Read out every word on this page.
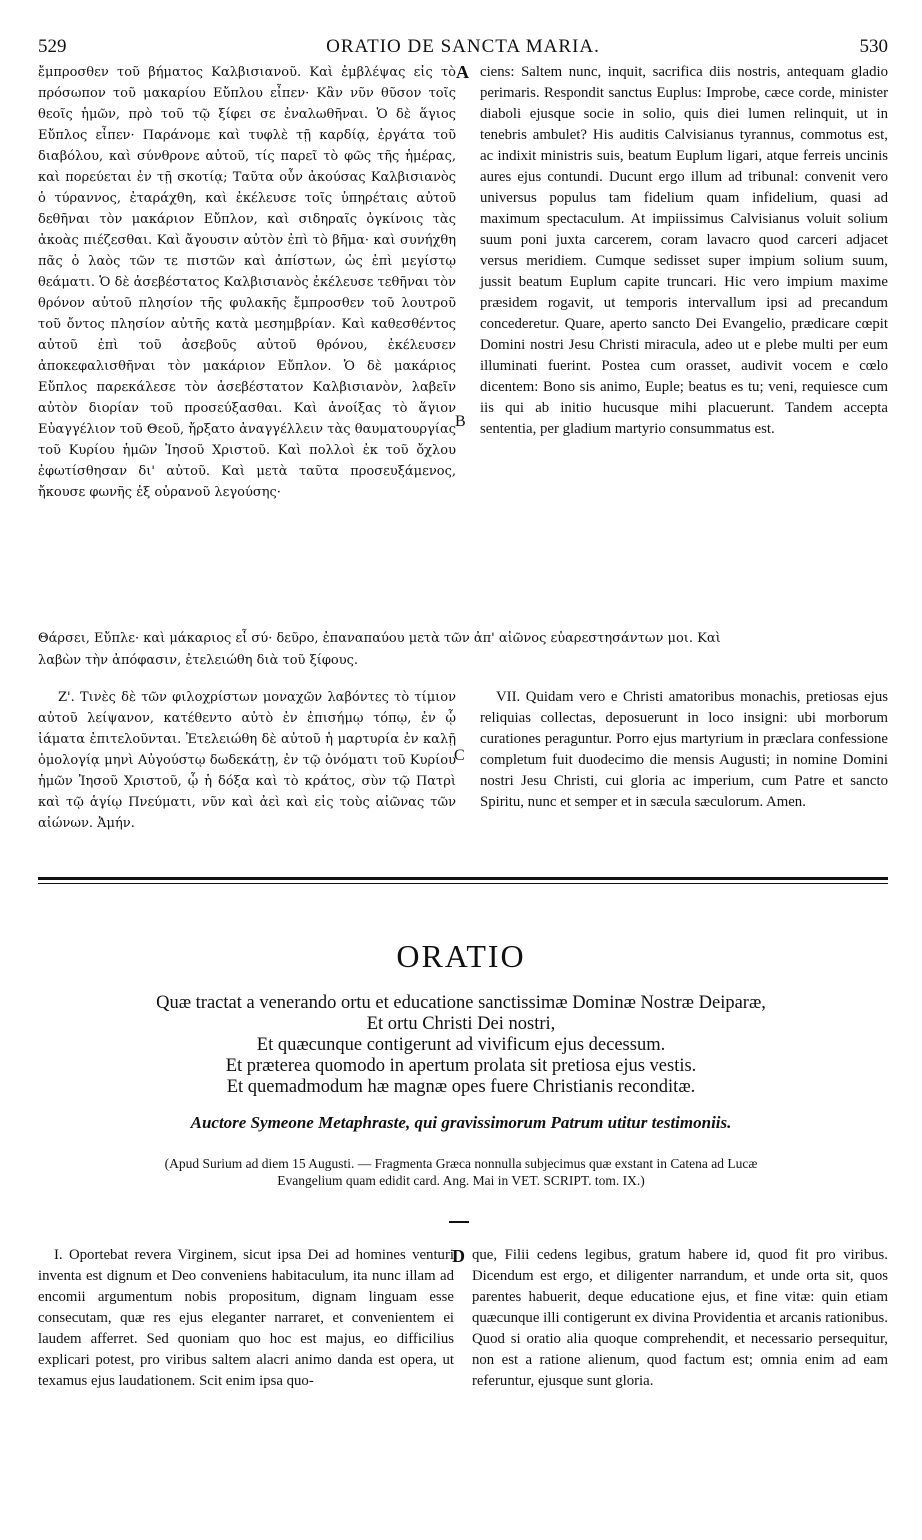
529	ORATIO DE SANCTA MARIA.	530

ἔμπροσθεν τοῦ βήματος Καλβισιανοῦ. Καὶ ἐμβλέψας εἰς τὸ πρόσωπον τοῦ μακαρίου Εὔπλου εἶπεν· Κἂν νῦν θῦσον τοῖς θεοῖς ἡμῶν, πρὸ τοῦ τῷ ξίφει σε ἐναλωθῆναι. Ὁ δὲ ἅγιος Εὔπλος εἶπεν· Παράνομε καὶ τυφλὲ τῇ καρδίᾳ, ἐργάτα τοῦ διαβόλου, καὶ σύνθρονε αὐτοῦ, τίς παρεῖ τὸ φῶς τῆς ἡμέρας, καὶ πορεύεται ἐν τῇ σκοτίᾳ; Ταῦτα οὖν ἀκούσας Καλβισιανὸς ὁ τύραννος, ἐταράχθη, καὶ ἐκέλευσε τοῖς ὑπηρέταις αὐτοῦ δεθῆναι τὸν μακάριον Εὔπλον, καὶ σιδηραῖς ὀγκίνοις τὰς ἀκοὰς πιέζεσθαι. Καὶ ἄγουσιν αὐτὸν ἐπὶ τὸ βῆμα· καὶ συνήχθη πᾶς ὁ λαὸς τῶν τε πιστῶν καὶ ἀπίστων, ὡς ἐπὶ μεγίστῳ θεάματι. Ὁ δὲ ἀσεβέστατος Καλβισιανὸς ἐκέλευσε τεθῆναι τὸν θρόνον αὐτοῦ πλησίον τῆς φυλακῆς ἔμπροσθεν τοῦ λουτροῦ τοῦ ὄντος πλησίον αὐτῆς κατὰ μεσημβρίαν. Καὶ καθεσθέντος αὐτοῦ ἐπὶ τοῦ ἀσεβοῦς αὐτοῦ θρόνου, ἐκέλευσεν ἀποκεφαλισθῆναι τὸν μακάριον Εὔπλον. Ὁ δὲ μακάριος Εὔπλος παρεκάλεσε τὸν ἀσεβέστατον Καλβισιανὸν, λαβεῖν αὐτὸν διορίαν τοῦ προσεύξασθαι. Καὶ ἀνοίξας τὸ ἅγιον Εὐαγγέλιον τοῦ Θεοῦ, ἤρξατο ἀναγγέλλειν τὰς θαυματουργίας τοῦ Κυρίου ἡμῶν Ἰησοῦ Χριστοῦ. Καὶ πολλοὶ ἐκ τοῦ ὄχλου ἐφωτίσθησαν δι' αὐτοῦ. Καὶ μετὰ ταῦτα προσευξάμενος, ἤκουσε φωνῆς ἐξ οὐρανοῦ λεγούσης·

A ciens: Saltem nunc, inquit, sacrifica diis nostris, antequam gladio perimaris. Respondit sanctus Euplus: Improbe, cæce corde, minister diaboli ejusque socie in solio, quis diei lumen relinquit, ut in tenebris ambulet? His auditis Calvisianus tyrannus, commotus est, ac indixit ministris suis, beatum Euplum ligari, atque ferreis uncinis aures ejus contundi. Ducunt ergo illum ad tribunal: convenit vero universus populus tam fidelium quam infidelium, quasi ad maximum spectaculum. At impiissimus Calvisianus voluit solium suum poni juxta carcerem, coram lavacro quod carceri adjacet versus meridiem. Cumque sedisset super impium solium suum, jussit beatum Euplum capite truncari. Hic vero impium maxime præsidem rogavit, ut temporis intervallum ipsi ad precandum concederetur. Quare, aperto sancto Dei Evangelio, prædicare cœpit Domini nostri Jesu Christi miracula, adeo ut e plebe multi per eum illuminati fuerint. Postea cum orasset, audivit vocem e cœlo dicentem: Bono sis animo, Euple; beatus es tu; veni, requiesce cum iis qui ab initio hucusque mihi placuerunt. Tandem accepta sententia, per gladium martyrio consummatus est.

B
Θάρσει, Εὔπλε· καὶ μάκαριος εἶ σύ· δεῦρο, ἐπαναπαύου μετὰ τῶν ἀπ' αἰῶνος εὐαρεστησάντων μοι. Καὶ
λαβὼν τὴν ἀπόφασιν, ἐτελειώθη διὰ τοῦ ξίφους.

Ζ'. Τινὲς δὲ τῶν φιλοχρίστων μοναχῶν λαβόντες τὸ τίμιον αὐτοῦ λείψανον, κατέθεντο αὐτὸ ἐν ἐπισήμῳ τόπῳ, ἐν ᾧ ἰάματα ἐπιτελοῦνται. Ἐτελειώθη δὲ αὐτοῦ ἡ μαρτυρία ἐν καλῇ ὁμολογίᾳ μηνὶ Αὐγούστῳ δωδεκάτῃ, ἐν τῷ ὀνόματι τοῦ Κυρίου ἡμῶν Ἰησοῦ Χριστοῦ, ᾧ ἡ δόξα καὶ τὸ κράτος, σὺν τῷ Πατρὶ καὶ τῷ ἁγίῳ Πνεύματι, νῦν καὶ ἀεὶ καὶ εἰς τοὺς αἰῶνας τῶν αἰώνων. Ἀμήν.

C

VII. Quidam vero e Christi amatoribus monachis, pretiosas ejus reliquias collectas, deposuerunt in loco insigni: ubi morborum curationes peraguntur. Porro ejus martyrium in præclara confessione completum fuit duodecimo die mensis Augusti; in nomine Domini nostri Jesu Christi, cui gloria ac imperium, cum Patre et sancto Spiritu, nunc et semper et in sæcula sæculorum. Amen.

ORATIO
Quæ tractat a venerando ortu et educatione sanctissimæ Dominæ Nostræ Deiparæ,
Et ortu Christi Dei nostri,
Et quæcunque contigerunt ad vivificum ejus decessum.
Et præterea quomodo in apertum prolata sit pretiosa ejus vestis.
Et quemadmodum hæ magnæ opes fuere Christianis reconditæ.
Auctore Symeone Metaphraste, qui gravissimorum Patrum utitur testimoniis.
(Apud Surium ad diem 15 Augusti. — Fragmenta Græca nonnulla subjecimus quæ exstant in Catena ad Lucæ
Evangelium quam edidit card. Ang. Mai in VET. SCRIPT. tom. IX.)

I. Oportebat revera Virginem, sicut ipsa Dei ad homines venturi inventa est dignum et Deo conveniens habitaculum, ita nunc illam ad encomii argumentum nobis propositum, dignam linguam esse consecutam, quæ res ejus eleganter narraret, et convenientem ei laudem afferret. Sed quoniam quo hoc est majus, eo difficilius explicari potest, pro viribus saltem alacri animo danda est opera, ut texamus ejus laudationem. Scit enim ipsa quo-

D que, Filii cedens legibus, gratum habere id, quod fit pro viribus. Dicendum est ergo, et diligenter narrandum, et unde orta sit, quos parentes habuerit, deque educatione ejus, et fine vitæ: quin etiam quæcunque illi contigerunt ex divina Providentia et arcanis rationibus. Quod si oratio alia quoque comprehendit, et necessario persequitur, non est a ratione alienum, quod factum est; omnia enim ad eam referuntur, ejusque sunt gloria.
